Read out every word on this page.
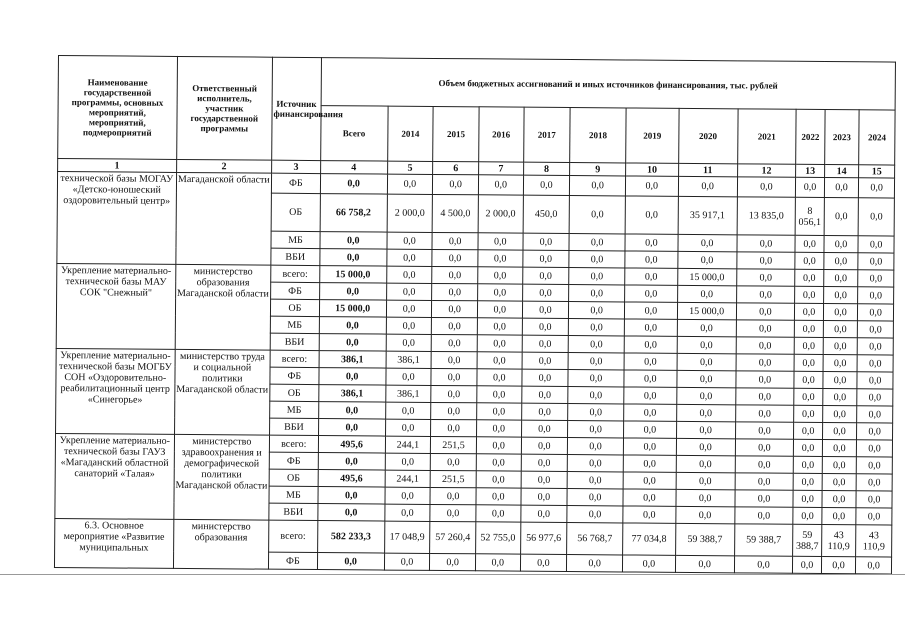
Наименование государственной программы, основных мероприятий, мероприятий, подмероприятий	Ответственный исполнитель, участник государственной программы	Источник финансирования	Объем бюджетных ассигнований и иных источников финансирования, тыс. рублей											
			Всего	2014	2015	2016	2017	2018	2019	2020	2021	2022	2023	2024
1	2	3	4	5	6	7	8	9	10	11	12	13	14	15
технической базы МОГАУ «Детско-юношеский оздоровительный центр»	Магаданской области	ФБ	0,0	0,0	0,0	0,0	0,0	0,0	0,0	0,0	0,0	0,0	0,0	0,0
		ОБ	66 758,2	2 000,0	4 500,0	2 000,0	450,0	0,0	0,0	35 917,1	13 835,0	8 056,1	0,0	0,0
		МБ	0,0	0,0	0,0	0,0	0,0	0,0	0,0	0,0	0,0	0,0	0,0	0,0
		ВБИ	0,0	0,0	0,0	0,0	0,0	0,0	0,0	0,0	0,0	0,0	0,0	0,0
Укрепление материально-технической базы МАУ СОК "Снежный"	министерство образования Магаданской области	всего:	15 000,0	0,0	0,0	0,0	0,0	0,0	0,0	15 000,0	0,0	0,0	0,0	0,0
		ФБ	0,0	0,0	0,0	0,0	0,0	0,0	0,0	0,0	0,0	0,0	0,0	0,0
		ОБ	15 000,0	0,0	0,0	0,0	0,0	0,0	0,0	15 000,0	0,0	0,0	0,0	0,0
		МБ	0,0	0,0	0,0	0,0	0,0	0,0	0,0	0,0	0,0	0,0	0,0	0,0
		ВБИ	0,0	0,0	0,0	0,0	0,0	0,0	0,0	0,0	0,0	0,0	0,0	0,0
Укрепление материально-технической базы МОГБУ СОН «Оздоровительно-реабилитационный центр «Синегорье»	министерство труда и социальной политики Магаданской области	всего:	386,1	386,1	0,0	0,0	0,0	0,0	0,0	0,0	0,0	0,0	0,0	0,0
		ФБ	0,0	0,0	0,0	0,0	0,0	0,0	0,0	0,0	0,0	0,0	0,0	0,0
		ОБ	386,1	386,1	0,0	0,0	0,0	0,0	0,0	0,0	0,0	0,0	0,0	0,0
		МБ	0,0	0,0	0,0	0,0	0,0	0,0	0,0	0,0	0,0	0,0	0,0	0,0
		ВБИ	0,0	0,0	0,0	0,0	0,0	0,0	0,0	0,0	0,0	0,0	0,0	0,0
Укрепление материально-технической базы ГАУЗ «Магаданский областной санаторий «Талая»	министерство здравоохранения и демографической политики Магаданской области	всего:	495,6	244,1	251,5	0,0	0,0	0,0	0,0	0,0	0,0	0,0	0,0	0,0
		ФБ	0,0	0,0	0,0	0,0	0,0	0,0	0,0	0,0	0,0	0,0	0,0	0,0
		ОБ	495,6	244,1	251,5	0,0	0,0	0,0	0,0	0,0	0,0	0,0	0,0	0,0
		МБ	0,0	0,0	0,0	0,0	0,0	0,0	0,0	0,0	0,0	0,0	0,0	0,0
		ВБИ	0,0	0,0	0,0	0,0	0,0	0,0	0,0	0,0	0,0	0,0	0,0	0,0
6.3. Основное мероприятие «Развитие муниципальных	министерство образования	всего:	582 233,3	17 048,9	57 260,4	52 755,0	56 977,6	56 768,7	77 034,8	59 388,7	59 388,7	59 388,7	43 110,9	43 110,9
		ФБ	0,0	0,0	0,0	0,0	0,0	0,0	0,0	0,0	0,0	0,0	0,0	0,0
